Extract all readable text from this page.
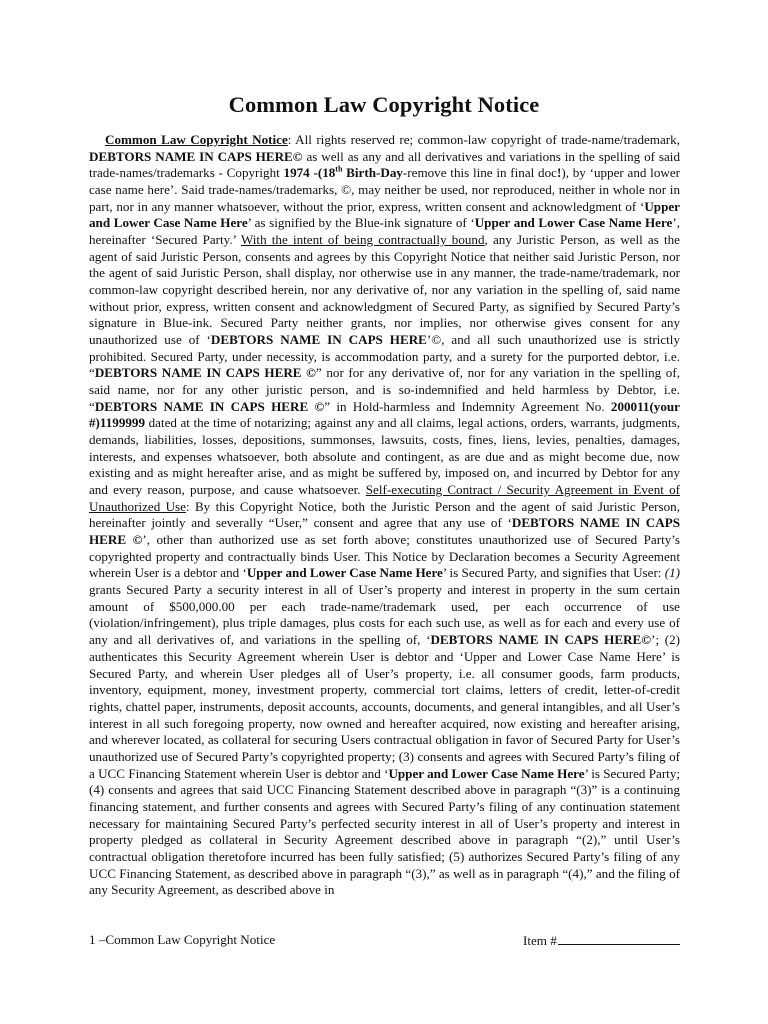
Common Law Copyright Notice

Common Law Copyright Notice: All rights reserved re; common-law copyright of trade-name/trademark, DEBTORS NAME IN CAPS HERE© as well as any and all derivatives and variations in the spelling of said trade-names/trademarks - Copyright 1974 -(18th Birth-Day-remove this line in final doc!), by ‘upper and lower case name here’. Said trade-names/trademarks, ©, may neither be used, nor reproduced, neither in whole nor in part, nor in any manner whatsoever, without the prior, express, written consent and acknowledgment of ‘Upper and Lower Case Name Here’ as signified by the Blue-ink signature of ‘Upper and Lower Case Name Here’, hereinafter ‘Secured Party.’ With the intent of being contractually bound, any Juristic Person, as well as the agent of said Juristic Person, consents and agrees by this Copyright Notice that neither said Juristic Person, nor the agent of said Juristic Person, shall display, nor otherwise use in any manner, the trade-name/trademark, nor common-law copyright described herein, nor any derivative of, nor any variation in the spelling of, said name without prior, express, written consent and acknowledgment of Secured Party, as signified by Secured Party’s signature in Blue-ink. Secured Party neither grants, nor implies, nor otherwise gives consent for any unauthorized use of ‘DEBTORS NAME IN CAPS HERE’©, and all such unauthorized use is strictly prohibited. Secured Party, under necessity, is accommodation party, and a surety for the purported debtor, i.e. “DEBTORS NAME IN CAPS HERE ©” nor for any derivative of, nor for any variation in the spelling of, said name, nor for any other juristic person, and is so-indemnified and held harmless by Debtor, i.e. “DEBTORS NAME IN CAPS HERE ©” in Hold-harmless and Indemnity Agreement No. 200011(your #)1199999 dated at the time of notarizing; against any and all claims, legal actions, orders, warrants, judgments, demands, liabilities, losses, depositions, summonses, lawsuits, costs, fines, liens, levies, penalties, damages, interests, and expenses whatsoever, both absolute and contingent, as are due and as might become due, now existing and as might hereafter arise, and as might be suffered by, imposed on, and incurred by Debtor for any and every reason, purpose, and cause whatsoever. Self-executing Contract / Security Agreement in Event of Unauthorized Use: By this Copyright Notice, both the Juristic Person and the agent of said Juristic Person, hereinafter jointly and severally “User,” consent and agree that any use of ‘DEBTORS NAME IN CAPS HERE ©’, other than authorized use as set forth above; constitutes unauthorized use of Secured Party’s copyrighted property and contractually binds User. This Notice by Declaration becomes a Security Agreement wherein User is a debtor and ‘Upper and Lower Case Name Here’ is Secured Party, and signifies that User: (1) grants Secured Party a security interest in all of User’s property and interest in property in the sum certain amount of $500,000.00 per each trade-name/trademark used, per each occurrence of use (violation/infringement), plus triple damages, plus costs for each such use, as well as for each and every use of any and all derivatives of, and variations in the spelling of, ‘DEBTORS NAME IN CAPS HERE©’; (2) authenticates this Security Agreement wherein User is debtor and ‘Upper and Lower Case Name Here’ is Secured Party, and wherein User pledges all of User’s property, i.e. all consumer goods, farm products, inventory, equipment, money, investment property, commercial tort claims, letters of credit, letter-of-credit rights, chattel paper, instruments, deposit accounts, accounts, documents, and general intangibles, and all User’s interest in all such foregoing property, now owned and hereafter acquired, now existing and hereafter arising, and wherever located, as collateral for securing Users contractual obligation in favor of Secured Party for User’s unauthorized use of Secured Party’s copyrighted property; (3) consents and agrees with Secured Party’s filing of a UCC Financing Statement wherein User is debtor and ‘Upper and Lower Case Name Here’ is Secured Party; (4) consents and agrees that said UCC Financing Statement described above in paragraph “(3)” is a continuing financing statement, and further consents and agrees with Secured Party’s filing of any continuation statement necessary for maintaining Secured Party’s perfected security interest in all of User’s property and interest in property pledged as collateral in Security Agreement described above in paragraph “(2),” until User’s contractual obligation theretofore incurred has been fully satisfied; (5) authorizes Secured Party’s filing of any UCC Financing Statement, as described above in paragraph “(3),” as well as in paragraph “(4),” and the filing of any Security Agreement, as described above in

1 –Common Law Copyright Notice	Item #
